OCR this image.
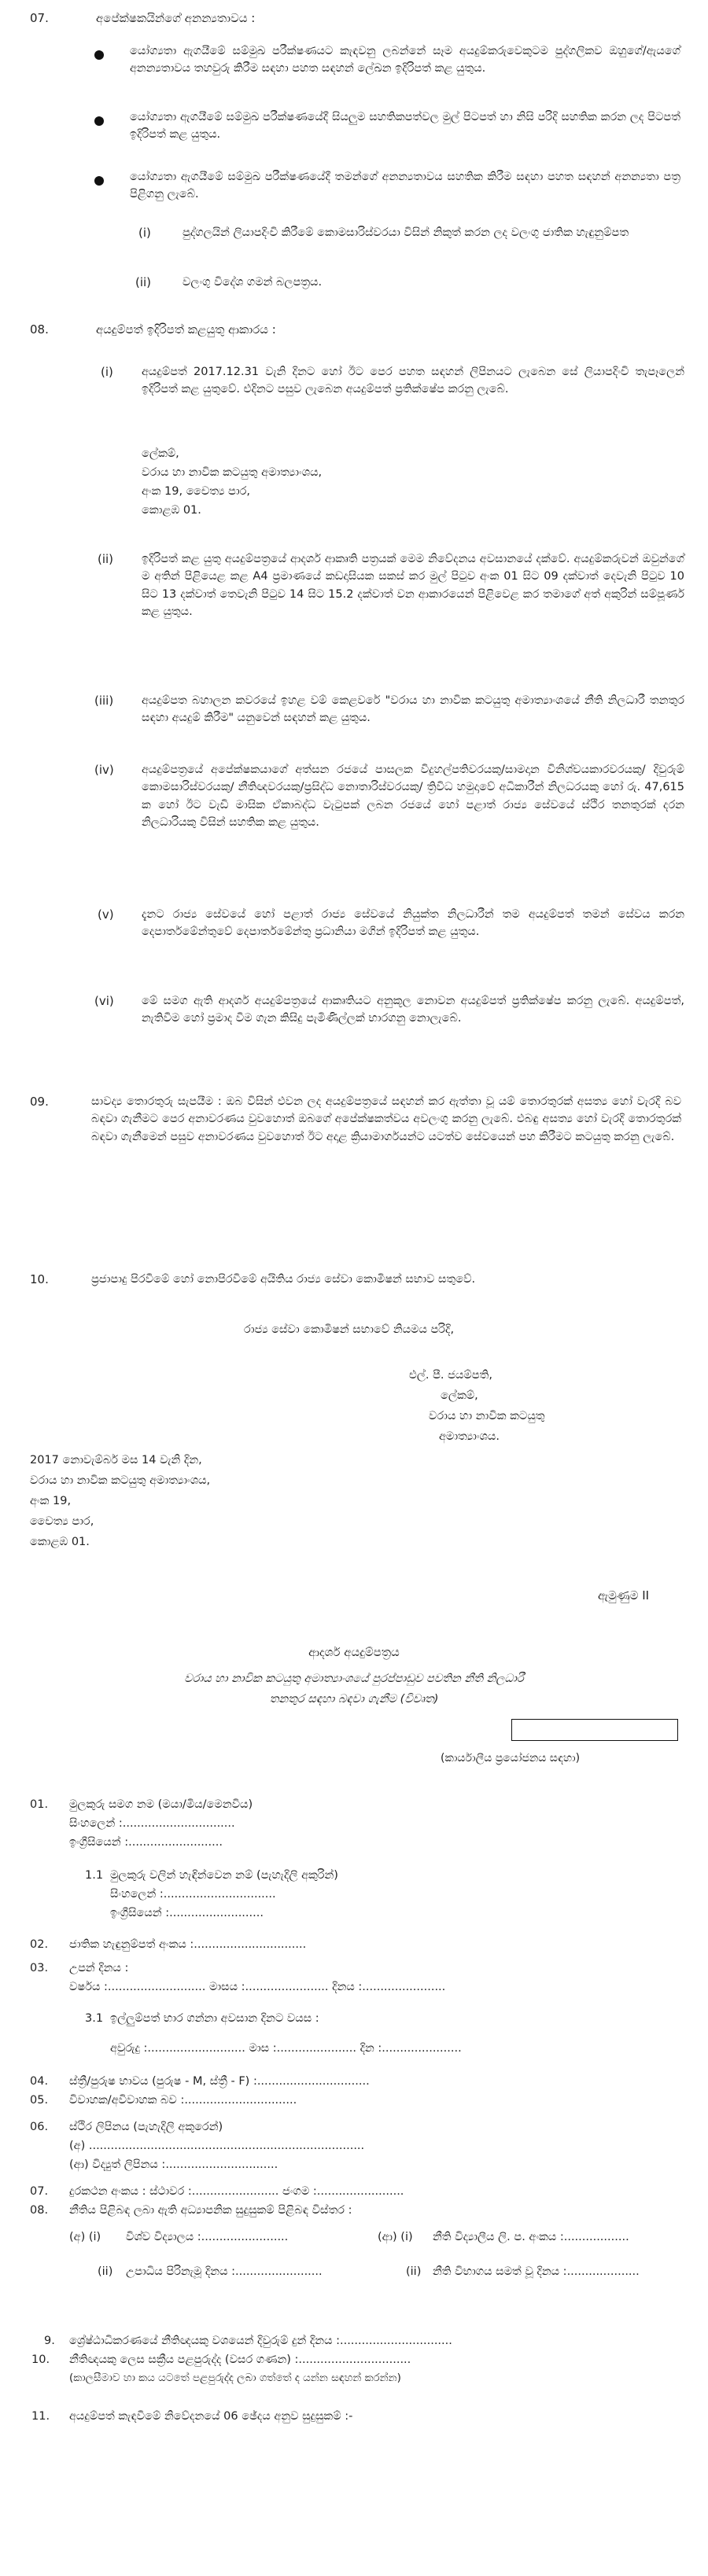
07.	අපේක්ෂකයින්ගේ අනන්‍යතාවය :
යෝග්‍යතා ඇගයීමේ සම්මුඛ පරීක්ෂණයට කැඳවනු ලබන්නේ සෑම අයදුම්කරුවෙකුටම පුද්ගලිකව ඔහුගේ/ඇයගේ අනන්‍යතාවය තහවුරු කිරීම සඳහා පහත සඳහන් ලේඛන ඉදිරිපත් කළ යුතුය.
යෝග්‍යතා ඇගයීමේ සම්මුඛ පරීක්ෂණයේදී සියලුම සහතිකපත්වල මුල් පිටපත් හා නිසි පරිදි සහතික කරන ලද පිටපත් ඉදිරිපත් කළ යුතුය.
යෝග්‍යතා ඇගයීමේ සම්මුඛ පරීක්ෂණයේදී තමන්ගේ අනන්‍යතාවය සහතික කිරීම සඳහා පහත සඳහන් අනන්‍යතා පත්‍ර පිළිගනු ලැබේ.
(i)	පුද්ගලයින් ලියාපදිංචි කිරීමේ කොමසාරිස්වරයා විසින් නිකුත් කරන ලද වලංගු ජාතික හැඳුනුම්පත
(ii)	වලංගු විදේශ ගමන් බලපත්‍රය.
08.	අයදුම්පත් ඉදිරිපත් කළයුතු ආකාරය :
(i) අයදුම්පත් 2017.12.31 වැනි දිනට හෝ ඊට පෙර පහත සඳහන් ලිපිනයට ලැබෙන සේ ලියාපදිංචි තැපෑලෙන් ඉදිරිපත් කළ යුතුවේ. එදිනට පසුව ලැබෙන අයදුම්පත් ප්‍රතික්ෂේප කරනු ලැබේ.
ලේකම්,
වරාය හා නාවික කටයුතු අමාත්‍යාංශය,
අංක 19, චෛත්‍ය පාර,
කොළඹ 01.
(ii) ඉදිරිපත් කළ යුතු අයදුම්පත්‍රයේ ආදර්ශ ආකෘති පත්‍රයක් මෙම නිවේදනය අවසානයේ දක්වේ. අයදුම්කරුවන් ඔවුන්ගේ ම අතින් පිළියෙළ කළ A4 ප්‍රමාණයේ කඩදාසියක සකස් කර මුල් පිටුව අංක 01 සිට 09 දක්වාත් දෙවැනි පිටුව 10 සිට 13 දක්වාත් තෙවැනි පිටුව 14 සිට 15.2 දක්වාත් වන ආකාරයෙන් පිළිවෙළ කර තමාගේ අත් අකුරින් සම්පූර්ණ කළ යුතුය.
(iii) අයදුම්පත බහාලන කවරයේ ඉහළ වම් කෙළවරේ "වරාය හා නාවික කටයුතු අමාත්‍යාංශයේ නීති නිලධාරී තනතුර සඳහා අයදුම් කිරීම" යනුවෙන් සඳහන් කළ යුතුය.
(iv) අයදුම්පත්‍රයේ අපේක්ෂකයාගේ අත්සන රජයේ පාසලක විදුහල්පතිවරයකු/සාමදාන විනිශ්චයකාරවරයකු/ දිවුරුම් කොමසාරිස්වරයකු/ නීතිඥවරයකු/ප්‍රසිද්ධ නොතාරිස්වරයකු/ ත්‍රිවිධ හමුදාවේ අධිකාරීන් නිලධරයකු හෝ රු. 47,615 ක හෝ ඊට වැඩි මාසික ඒකාබද්ධ වැටුපක් ලබන රජයේ හෝ පළාත් රාජ්‍ය සේවයේ ස්ථිර තනතුරක් දරන නිලධාරියකු විසින් සහතික කළ යුතුය.
(v) දැනට රාජ්‍ය සේවයේ හෝ පළාත් රාජ්‍ය සේවයේ නියුක්ත නිලධාරීන් තම අයදුම්පත් තමන් සේවය කරන දෙපාර්තමේන්තුවේ දෙපාර්තමේන්තු ප්‍රධානියා මගින් ඉදිරිපත් කළ යුතුය.
(vi) මේ සමග ඇති ආදර්ශ අයදුම්පත්‍රයේ ආකෘතියට අනුකූල නොවන අයදුම්පත් ප්‍රතික්ෂේප කරනු ලැබේ. අයදුම්පත්, නැතිවීම හෝ ප්‍රමාද වීම ගැන කිසිදු පැමිණිල්ලක් භාරගනු නොලැබේ.
09.	සාවද්‍ය තොරතුරු සැපයීම : ඔබ විසින් එවන ලද අයදුම්පත්‍රයේ සඳහන් කර ඇත්තා වූ යම් තොරතුරක් අසත්‍ය හෝ වැරදි බව බඳවා ගැනීමට පෙර අනාවරණය වුවහොත් ඔබගේ අපේක්ෂකත්වය අවලංගු කරනු ලැබේ. එබඳු අසත්‍ය හෝ වැරදි තොරතුරක් බඳවා ගැනීමෙන් පසුව අනාවරණය වුවහොත් ඊට අදාළ ක්‍රියාමාර්ගයන්ට යටත්ව සේවයෙන් පහ කිරීමට කටයුතු කරනු ලැබේ.
10.	ප්‍රජාපාදු පිරවීමේ හෝ නොපිරවීමේ අයිතිය රාජ්‍ය සේවා කොමිෂන් සභාව සතුවේ.
රාජ්‍ය සේවා කොමිෂන් සභාවේ නියමය පරිදි,
එල්. පී. ජයම්පති,
ලේකම්,
වරාය හා නාවික කටයුතු
අමාත්‍යාංශය.
2017 නොවැම්බර් මස 14 වැනි දින,
වරාය හා නාවික කටයුතු අමාත්‍යාංශය,
අංක 19,
චෛත්‍ය පාර,
කොළඹ 01.
ඇමුණුම II
ආදර්ශ අයදුම්පත්‍රය
වරාය හා නාවික කටයුතු අමාත්‍යාංශයේ පුරප්පාඩුව පවතින නීති නිලධාරී
තනතුර සඳහා බඳවා ගැනීම (විවෘත)
(කාර්යාලීය ප්‍රයෝජනය සඳහා)
01. මුලකුරු සමග නම (මයා/මිය/මෙනවිය)
සිංහලෙන් :...............................
ඉංග්‍රීසියෙන් :..........................
1.1 මුලකුරු වලින් හැඳින්වෙන නම් (පැහැදිලි අකුරින්)
සිංහලෙන් :...............................
ඉංග්‍රීසියෙන් :..........................
02. ජාතික හැඳුනුම්පත් අංකය :...............................
03. උපන් දිනය :
වර්ෂය :........................... මාසය :....................... දිනය :.......................
3.1 ඉල්ලුම්පත් භාර ගන්නා අවසාන දිනට වයස :
අවුරුදු :........................... මාස :...................... දින :......................
04. ස්ත්‍රී/පුරුෂ භාවය (පුරුෂ - M, ස්ත්‍රී - F) :...............................
05. විවාහක/අවිවාහක බව :...............................
06. ස්ථිර ලිපිනය (පැහැදිලි අකුරෙන්)
(අ) ............................................................................
(ආ) විද්‍යුත් ලිපිනය :...............................
07. දුරකථන අංකය : ස්ථාවර :........................ ජංගම :........................
08. නීතිය පිළිබඳ ලබා ඇති අධ්‍යාපනික සුදුසුකම් පිළිබඳ විස්තර :
(අ) (i) විශ්ව විද්‍යාලය :........................
(ii) උපාධිය පිරිනැමූ දිනය :........................
(ආ) (i) නීති විද්‍යාලීය ලි. ප. අංකය :..................
(ii) නීති විභාගය සමත් වූ දිනය :....................
9. ශ්‍රේෂ්ඨාධිකරණයේ නීතිඥයකු වශයෙන් දිවුරුම් දුන් දිනය :...............................
10. නීතිඥයකු ලෙස සක්‍රීය පළපුරුද්ද (වසර ගණන) :...............................
(කාලසීමාව හා කය යටතේ පළපුරුද්ද ලබා ගත්තේ ද යන්න සඳහන් කරන්න)
11. අයදුම්පත් කැඳවීමේ නිවේදනයේ 06 ඡේදය අනුව සුදුසුකම් :-
